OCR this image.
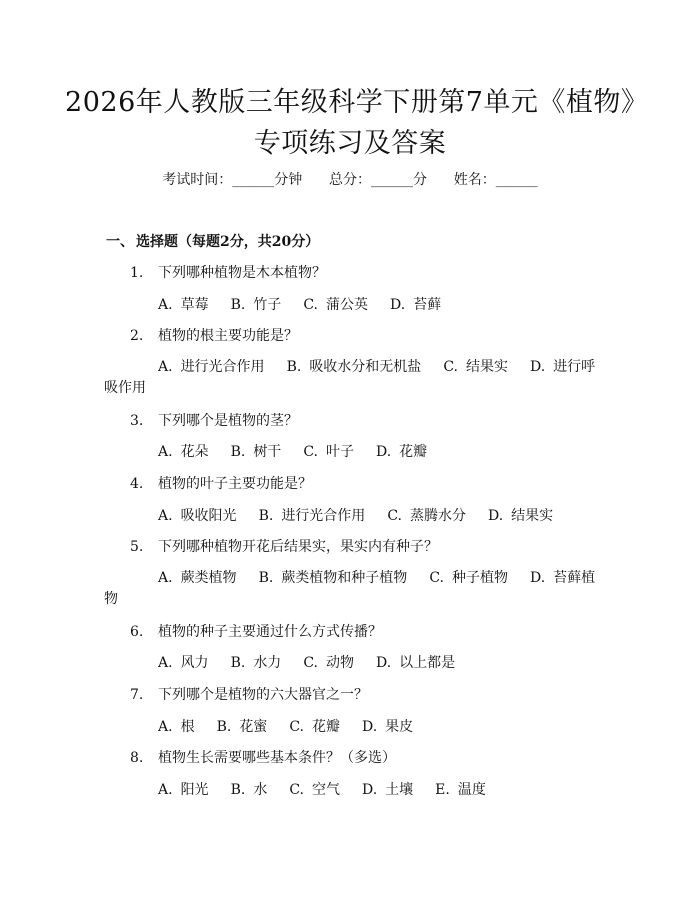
2026年人教版三年级科学下册第7单元《植物》专项练习及答案
考试时间：______分钟 总分：______分 姓名：______
一、 选择题（每题2分，共20分）
1. 下列哪种植物是木本植物？
A. 草莓 B. 竹子 C. 蒲公英 D. 苔藓
2. 植物的根主要功能是？
A. 进行光合作用 B. 吸收水分和无机盐 C. 结果实 D. 进行呼吸作用
3. 下列哪个是植物的茎？
A. 花朵 B. 树干 C. 叶子 D. 花瓣
4. 植物的叶子主要功能是？
A. 吸收阳光 B. 进行光合作用 C. 蒸腾水分 D. 结果实
5. 下列哪种植物开花后结果实，果实内有种子？
A. 蕨类植物 B. 蕨类植物和种子植物 C. 种子植物 D. 苔藓植物
6. 植物的种子主要通过什么方式传播？
A. 风力 B. 水力 C. 动物 D. 以上都是
7. 下列哪个是植物的六大器官之一？
A. 根 B. 花蜜 C. 花瓣 D. 果皮
8. 植物生长需要哪些基本条件？（多选）
A. 阳光 B. 水 C. 空气 D. 土壤 E. 温度
